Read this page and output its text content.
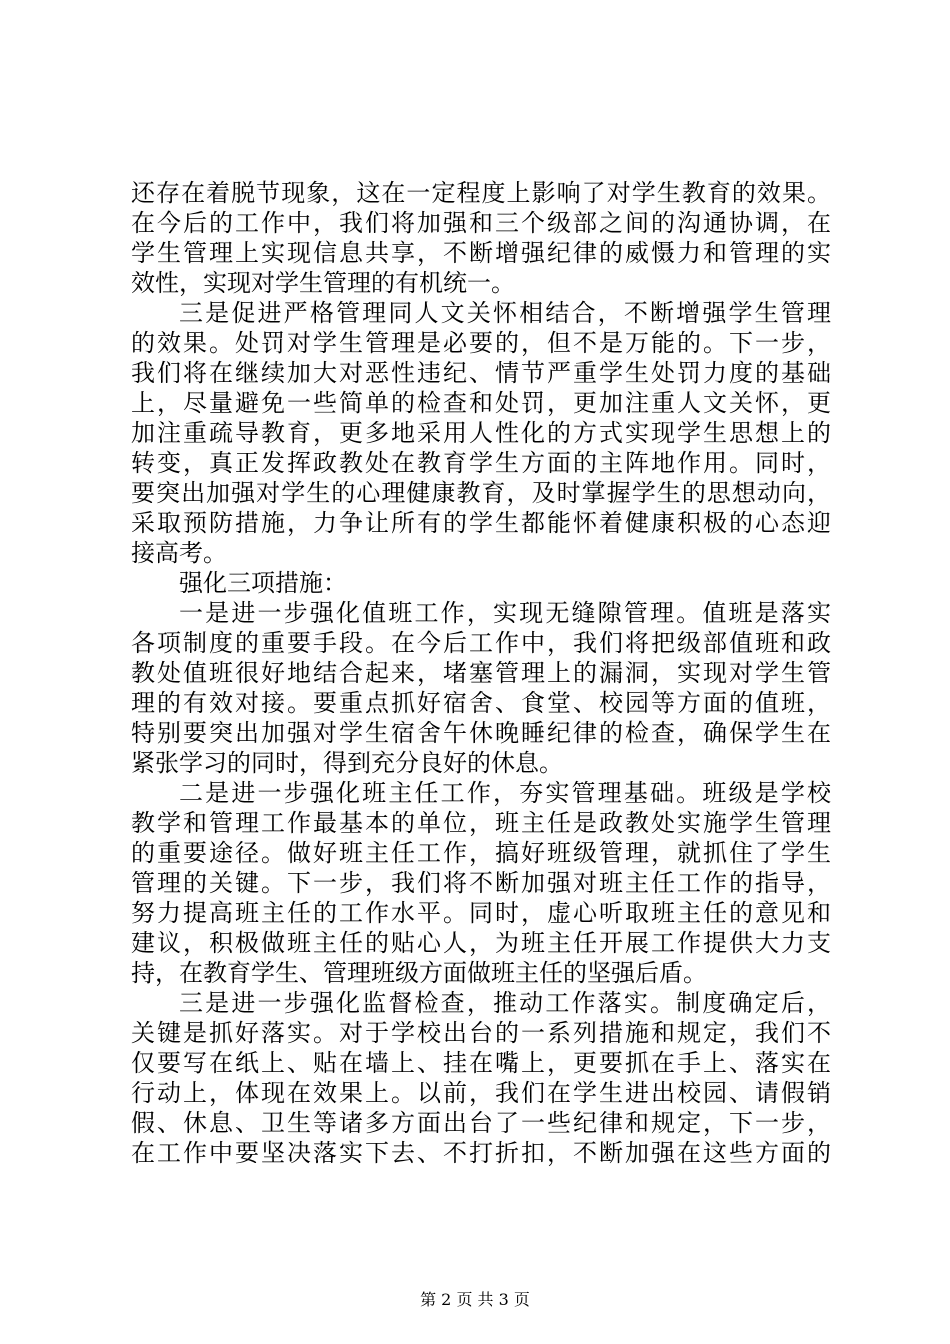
还存在着脱节现象，这在一定程度上影响了对学生教育的效果。
在今后的工作中，我们将加强和三个级部之间的沟通协调，在
学生管理上实现信息共享，不断增强纪律的威慑力和管理的实
效性，实现对学生管理的有机统一。
三是促进严格管理同人文关怀相结合，不断增强学生管理
的效果。处罚对学生管理是必要的，但不是万能的。下一步，
我们将在继续加大对恶性违纪、情节严重学生处罚力度的基础
上，尽量避免一些简单的检查和处罚，更加注重人文关怀，更
加注重疏导教育，更多地采用人性化的方式实现学生思想上的
转变，真正发挥政教处在教育学生方面的主阵地作用。同时，
要突出加强对学生的心理健康教育，及时掌握学生的思想动向，
采取预防措施，力争让所有的学生都能怀着健康积极的心态迎
接高考。
强化三项措施：
一是进一步强化值班工作，实现无缝隙管理。值班是落实
各项制度的重要手段。在今后工作中，我们将把级部值班和政
教处值班很好地结合起来，堵塞管理上的漏洞，实现对学生管
理的有效对接。要重点抓好宿舍、食堂、校园等方面的值班，
特别要突出加强对学生宿舍午休晚睡纪律的检查，确保学生在
紧张学习的同时，得到充分良好的休息。
二是进一步强化班主任工作，夯实管理基础。班级是学校
教学和管理工作最基本的单位，班主任是政教处实施学生管理
的重要途径。做好班主任工作，搞好班级管理，就抓住了学生
管理的关键。下一步，我们将不断加强对班主任工作的指导，
努力提高班主任的工作水平。同时，虚心听取班主任的意见和
建议，积极做班主任的贴心人，为班主任开展工作提供大力支
持，在教育学生、管理班级方面做班主任的坚强后盾。
三是进一步强化监督检查，推动工作落实。制度确定后，
关键是抓好落实。对于学校出台的一系列措施和规定，我们不
仅要写在纸上、贴在墙上、挂在嘴上，更要抓在手上、落实在
行动上，体现在效果上。以前，我们在学生进出校园、请假销
假、休息、卫生等诸多方面出台了一些纪律和规定，下一步，
在工作中要坚决落实下去、不打折扣，不断加强在这些方面的
第 2 页 共 3 页
